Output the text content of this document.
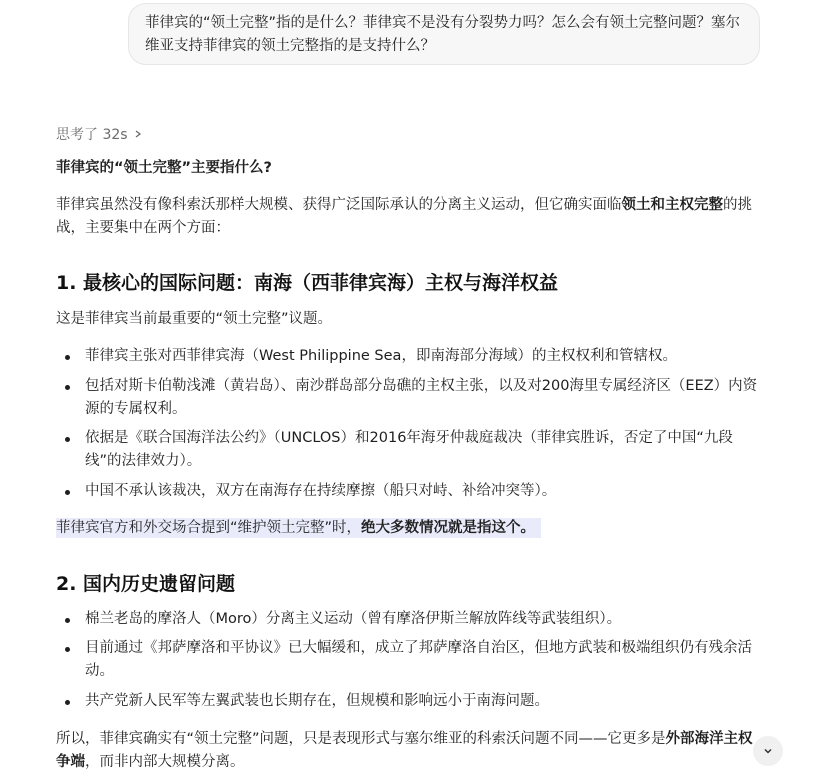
菲律宾的“领土完整”指的是什么？菲律宾不是没有分裂势力吗？怎么会有领土完整问题？塞尔维亚支持菲律宾的领土完整指的是支持什么？
思考了 32s
菲律宾的“领土完整”主要指什么?
菲律宾虽然没有像科索沃那样大规模、获得广泛国际承认的分离主义运动，但它确实面临领土和主权完整的挑战，主要集中在两个方面：
1. 最核心的国际问题：南海（西菲律宾海）主权与海洋权益
这是菲律宾当前最重要的“领土完整”议题。
菲律宾主张对西菲律宾海（West Philippine Sea，即南海部分海域）的主权权利和管辖权。
包括对斯卡伯勒浅滩（黄岩岛）、南沙群岛部分岛礁的主权主张，以及对200海里专属经济区（EEZ）内资源的专属权利。
依据是《联合国海洋法公约》（UNCLOS）和2016年海牙仲裁庭裁决（菲律宾胜诉，否定了中国“九段线”的法律效力）。
中国不承认该裁决，双方在南海存在持续摩擦（船只对峙、补给冲突等）。
菲律宾官方和外交场合提到“维护领土完整”时，绝大多数情况就是指这个。
2. 国内历史遗留问题
棉兰老岛的摩洛人（Moro）分离主义运动（曾有摩洛伊斯兰解放阵线等武装组织）。
目前通过《邦萨摩洛和平协议》已大幅缓和，成立了邦萨摩洛自治区，但地方武装和极端组织仍有残余活动。
共产党新人民军等左翼武装也长期存在，但规模和影响远小于南海问题。
所以，菲律宾确实有“领土完整”问题，只是表现形式与塞尔维亚的科索沃问题不同——它更多是外部海洋主权争端，而非内部大规模分离。
